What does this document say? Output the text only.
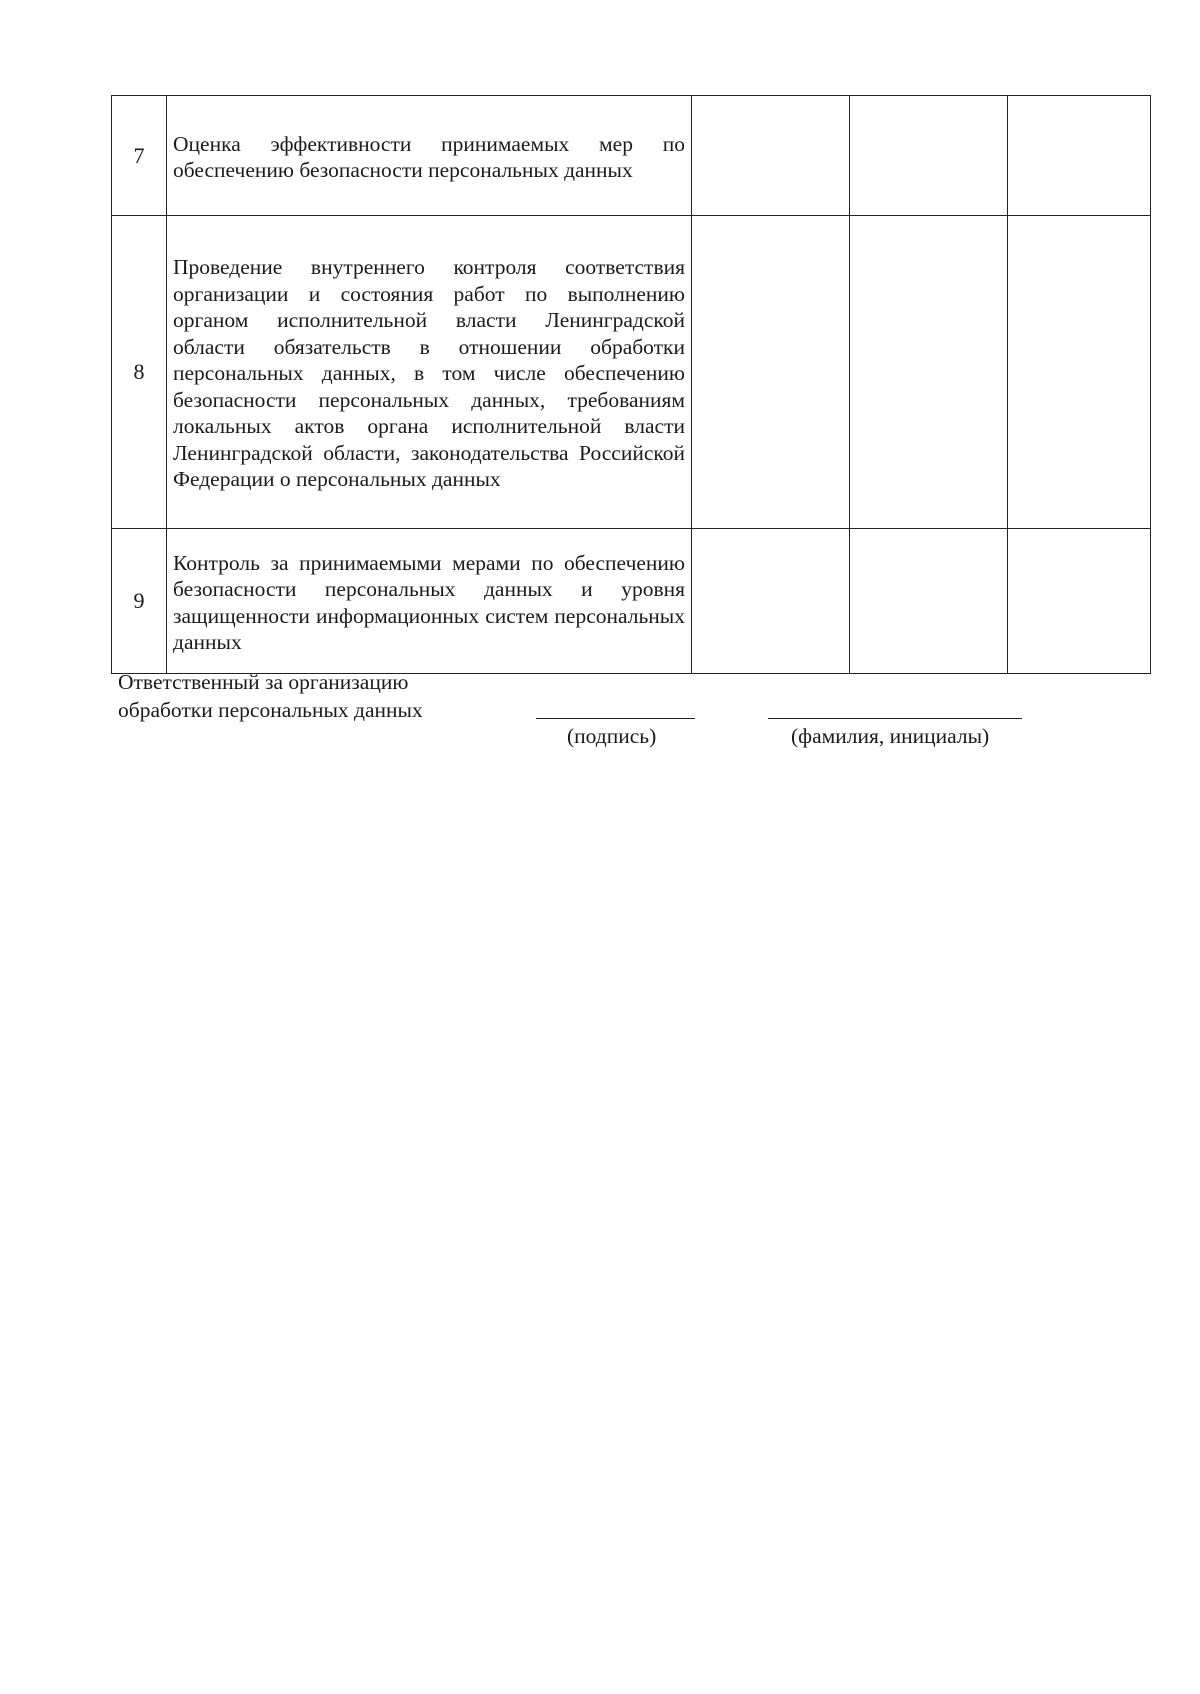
7	Оценка эффективности принимаемых мер по обеспечению безопасности персональных данных			
8	Проведение внутреннего контроля соответствия организации и состояния работ по выполнению органом исполнительной власти Ленинградской области обязательств в отношении обработки персональных данных, в том числе обеспечению безопасности персональных данных, требованиям локальных актов органа исполнительной власти Ленинградской области, законодательства Российской Федерации о персональных данных			
9	Контроль за принимаемыми мерами по обеспечению безопасности персональных данных и уровня защищенности информационных систем персональных данных			
Ответственный за организацию
обработки персональных данных
(подпись)	(фамилия, инициалы)
